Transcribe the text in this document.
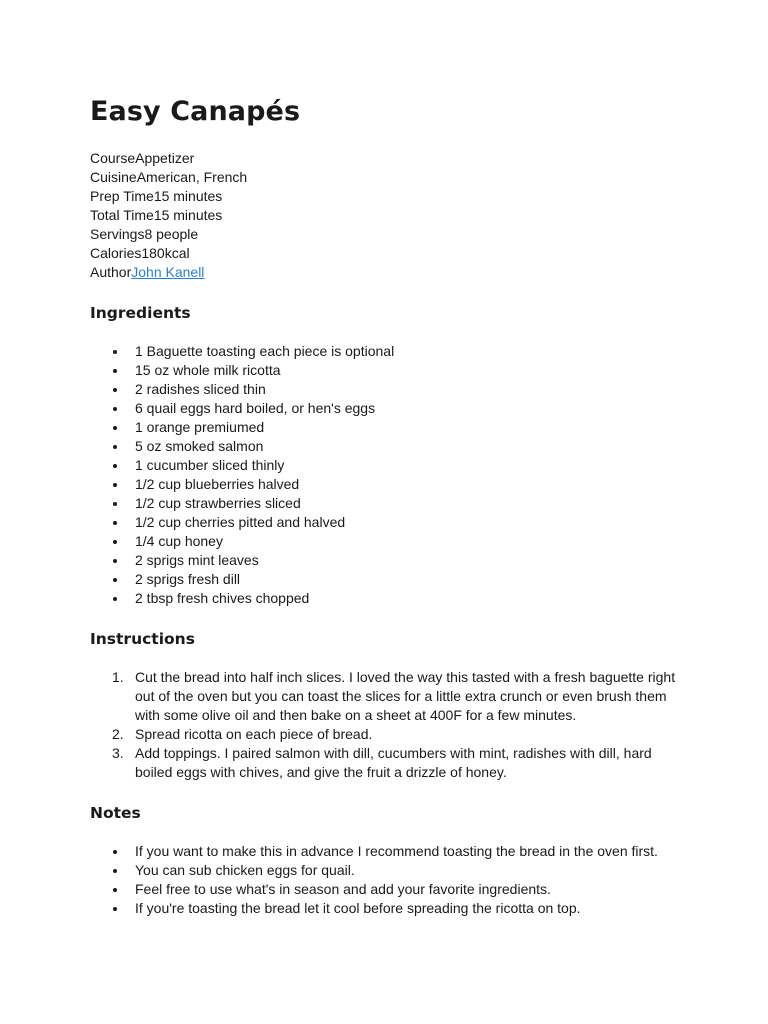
Easy Canapés
CourseAppetizer
CuisineAmerican, French
Prep Time15 minutes
Total Time15 minutes
Servings8 people
Calories180kcal
AuthorJohn Kanell
Ingredients
1 Baguette toasting each piece is optional
15 oz whole milk ricotta
2 radishes sliced thin
6 quail eggs hard boiled, or hen's eggs
1 orange premiumed
5 oz smoked salmon
1 cucumber sliced thinly
1/2 cup blueberries halved
1/2 cup strawberries sliced
1/2 cup cherries pitted and halved
1/4 cup honey
2 sprigs mint leaves
2 sprigs fresh dill
2 tbsp fresh chives chopped
Instructions
1. Cut the bread into half inch slices. I loved the way this tasted with a fresh baguette right out of the oven but you can toast the slices for a little extra crunch or even brush them with some olive oil and then bake on a sheet at 400F for a few minutes.
2. Spread ricotta on each piece of bread.
3. Add toppings. I paired salmon with dill, cucumbers with mint, radishes with dill, hard boiled eggs with chives, and give the fruit a drizzle of honey.
Notes
If you want to make this in advance I recommend toasting the bread in the oven first.
You can sub chicken eggs for quail.
Feel free to use what's in season and add your favorite ingredients.
If you're toasting the bread let it cool before spreading the ricotta on top.
